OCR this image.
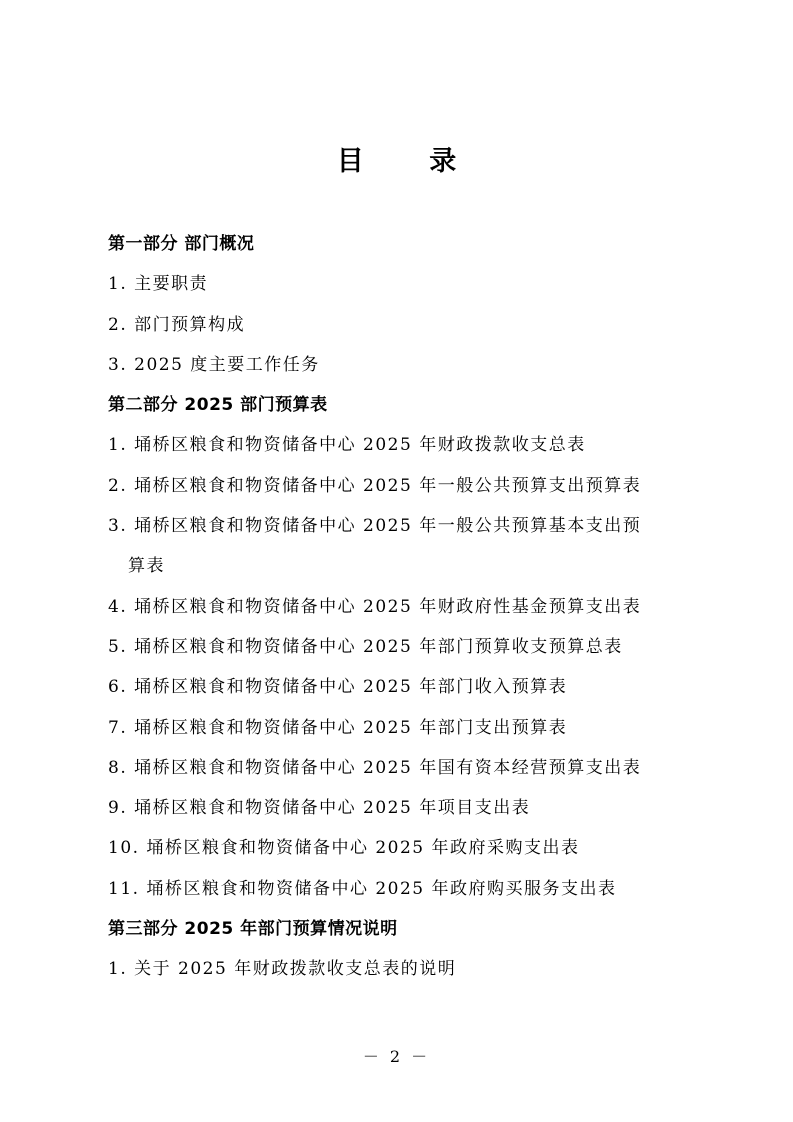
目 录
第一部分 部门概况
1. 主要职责
2. 部门预算构成
3. 2025 度主要工作任务
第二部分 2025 部门预算表
1. 埇桥区粮食和物资储备中心 2025 年财政拨款收支总表
2. 埇桥区粮食和物资储备中心 2025 年一般公共预算支出预算表
3. 埇桥区粮食和物资储备中心 2025 年一般公共预算基本支出预
算表
4. 埇桥区粮食和物资储备中心 2025 年财政府性基金预算支出表
5. 埇桥区粮食和物资储备中心 2025 年部门预算收支预算总表
6. 埇桥区粮食和物资储备中心 2025 年部门收入预算表
7. 埇桥区粮食和物资储备中心 2025 年部门支出预算表
8. 埇桥区粮食和物资储备中心 2025 年国有资本经营预算支出表
9. 埇桥区粮食和物资储备中心 2025 年项目支出表
10. 埇桥区粮食和物资储备中心 2025 年政府采购支出表
11. 埇桥区粮食和物资储备中心 2025 年政府购买服务支出表
第三部分 2025 年部门预算情况说明
1. 关于 2025 年财政拨款收支总表的说明
－ 2 －
